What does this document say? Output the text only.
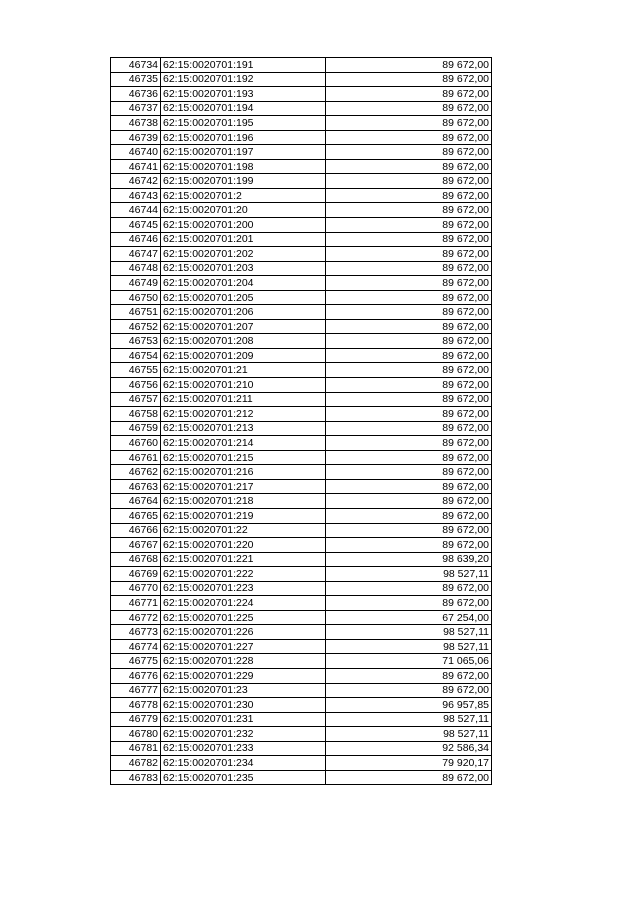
46734	62:15:0020701:191	89 672,00
46735	62:15:0020701:192	89 672,00
46736	62:15:0020701:193	89 672,00
46737	62:15:0020701:194	89 672,00
46738	62:15:0020701:195	89 672,00
46739	62:15:0020701:196	89 672,00
46740	62:15:0020701:197	89 672,00
46741	62:15:0020701:198	89 672,00
46742	62:15:0020701:199	89 672,00
46743	62:15:0020701:2	89 672,00
46744	62:15:0020701:20	89 672,00
46745	62:15:0020701:200	89 672,00
46746	62:15:0020701:201	89 672,00
46747	62:15:0020701:202	89 672,00
46748	62:15:0020701:203	89 672,00
46749	62:15:0020701:204	89 672,00
46750	62:15:0020701:205	89 672,00
46751	62:15:0020701:206	89 672,00
46752	62:15:0020701:207	89 672,00
46753	62:15:0020701:208	89 672,00
46754	62:15:0020701:209	89 672,00
46755	62:15:0020701:21	89 672,00
46756	62:15:0020701:210	89 672,00
46757	62:15:0020701:211	89 672,00
46758	62:15:0020701:212	89 672,00
46759	62:15:0020701:213	89 672,00
46760	62:15:0020701:214	89 672,00
46761	62:15:0020701:215	89 672,00
46762	62:15:0020701:216	89 672,00
46763	62:15:0020701:217	89 672,00
46764	62:15:0020701:218	89 672,00
46765	62:15:0020701:219	89 672,00
46766	62:15:0020701:22	89 672,00
46767	62:15:0020701:220	89 672,00
46768	62:15:0020701:221	98 639,20
46769	62:15:0020701:222	98 527,11
46770	62:15:0020701:223	89 672,00
46771	62:15:0020701:224	89 672,00
46772	62:15:0020701:225	67 254,00
46773	62:15:0020701:226	98 527,11
46774	62:15:0020701:227	98 527,11
46775	62:15:0020701:228	71 065,06
46776	62:15:0020701:229	89 672,00
46777	62:15:0020701:23	89 672,00
46778	62:15:0020701:230	96 957,85
46779	62:15:0020701:231	98 527,11
46780	62:15:0020701:232	98 527,11
46781	62:15:0020701:233	92 586,34
46782	62:15:0020701:234	79 920,17
46783	62:15:0020701:235	89 672,00
